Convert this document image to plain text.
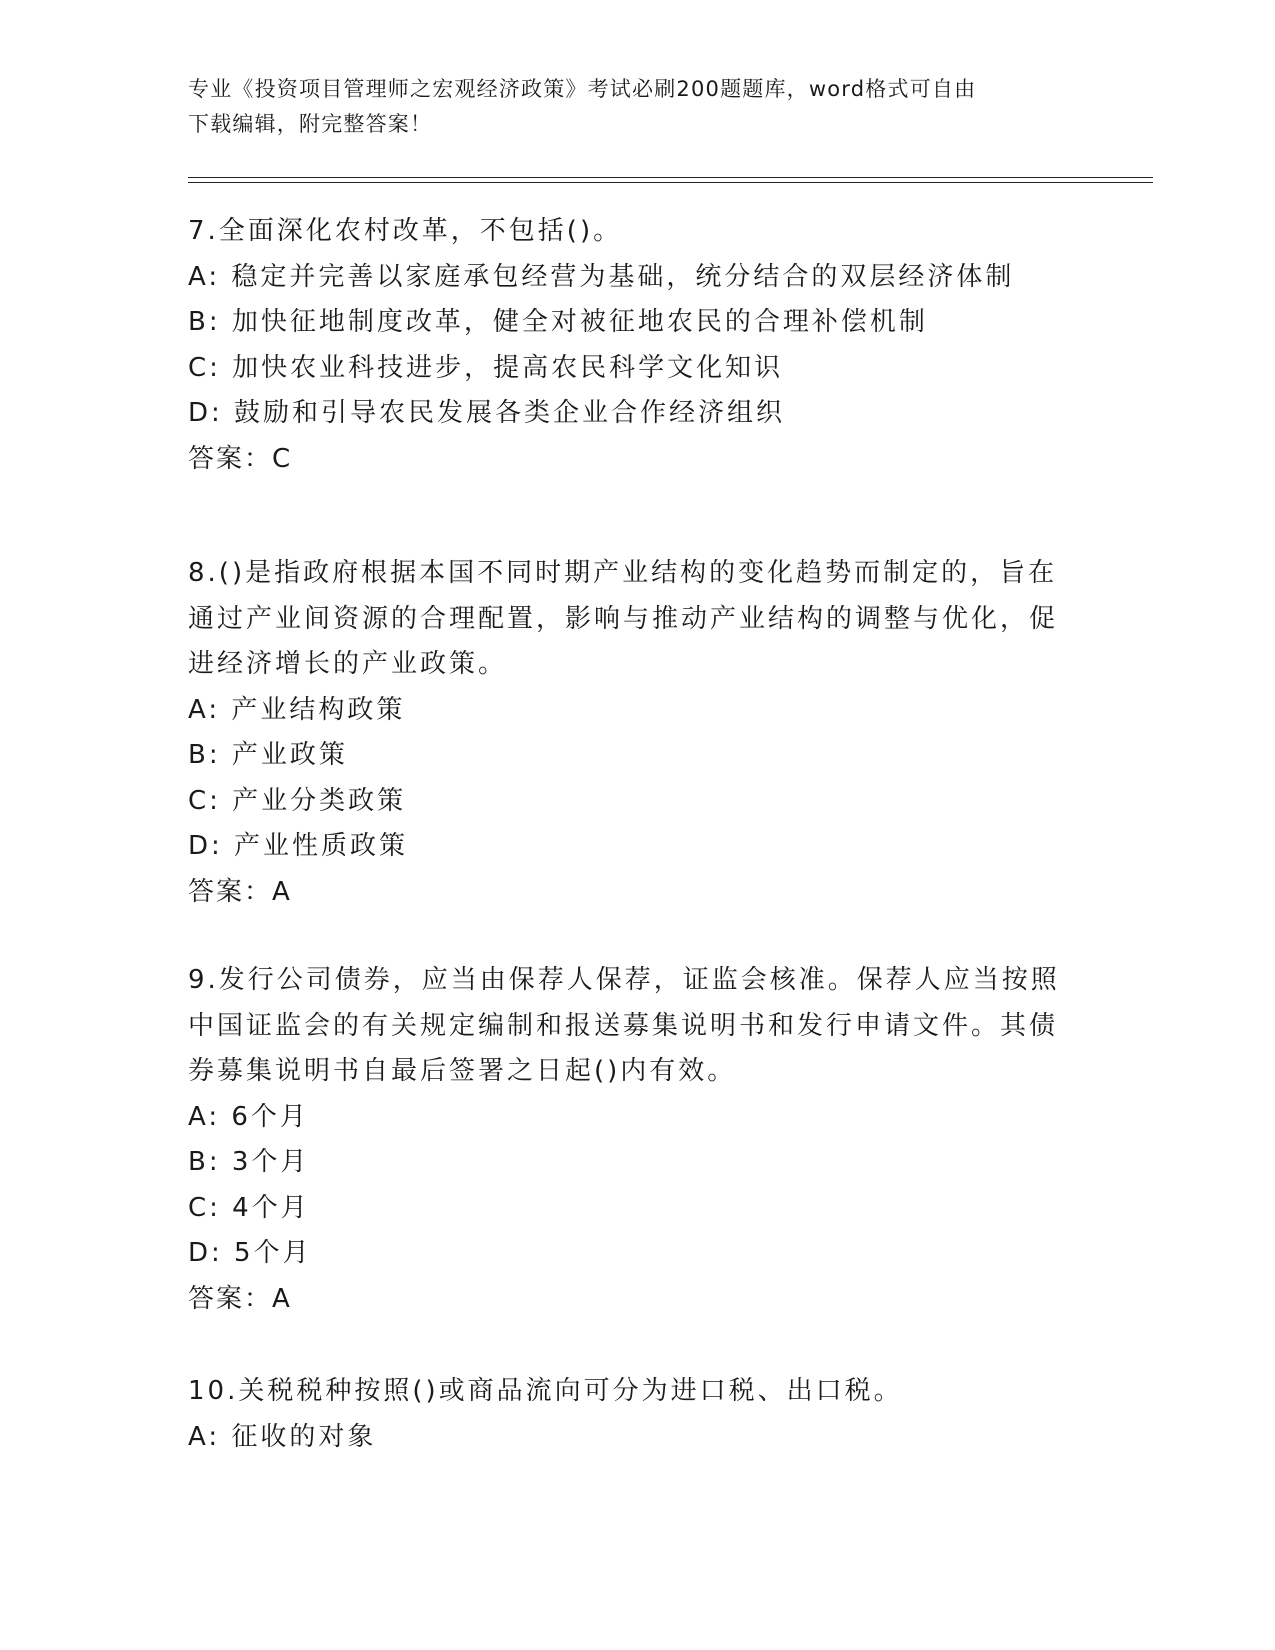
专业《投资项目管理师之宏观经济政策》考试必刷200题题库，word格式可自由
下载编辑，附完整答案！
7.全面深化农村改革，不包括()。
A: 稳定并完善以家庭承包经营为基础，统分结合的双层经济体制
B: 加快征地制度改革，健全对被征地农民的合理补偿机制
C: 加快农业科技进步，提高农民科学文化知识
D: 鼓励和引导农民发展各类企业合作经济组织
答案：C
8.()是指政府根据本国不同时期产业结构的变化趋势而制定的，旨在
通过产业间资源的合理配置，影响与推动产业结构的调整与优化，促
进经济增长的产业政策。
A: 产业结构政策
B: 产业政策
C: 产业分类政策
D: 产业性质政策
答案：A
9.发行公司债券，应当由保荐人保荐，证监会核准。保荐人应当按照
中国证监会的有关规定编制和报送募集说明书和发行申请文件。其债
券募集说明书自最后签署之日起()内有效。
A: 6个月
B: 3个月
C: 4个月
D: 5个月
答案：A
10.关税税种按照()或商品流向可分为进口税、出口税。
A: 征收的对象
